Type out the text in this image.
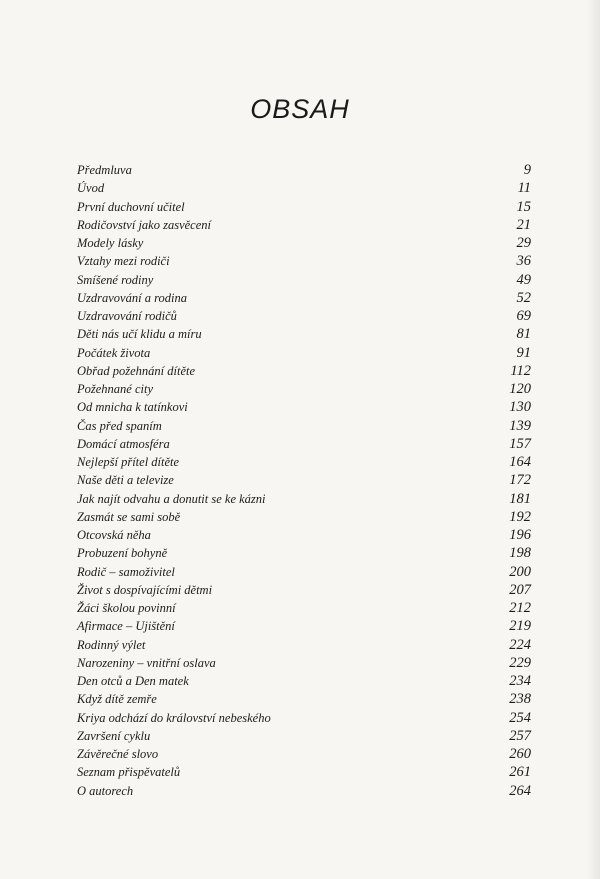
OBSAH
Předmluva	9
Úvod	11
První duchovní učitel	15
Rodičovství jako zasvěcení	21
Modely lásky	29
Vztahy mezi rodiči	36
Smíšené rodiny	49
Uzdravování a rodina	52
Uzdravování rodičů	69
Děti nás učí klidu a míru	81
Počátek života	91
Obřad požehnání dítěte	112
Požehnané city	120
Od mnicha k tatínkovi	130
Čas před spaním	139
Domácí atmosféra	157
Nejlepší přítel dítěte	164
Naše děti a televize	172
Jak najít odvahu a donutit se ke kázni	181
Zasmát se sami sobě	192
Otcovská něha	196
Probuzení bohyně	198
Rodič – samoživitel	200
Život s dospívajícími dětmi	207
Žáci školou povinní	212
Afirmace – Ujištění	219
Rodinný výlet	224
Narozeniny – vnitřní oslava	229
Den otců a Den matek	234
Když dítě zemře	238
Kriya odchází do království nebeského	254
Završení cyklu	257
Závěrečné slovo	260
Seznam přispěvatelů	261
O autorech	264
